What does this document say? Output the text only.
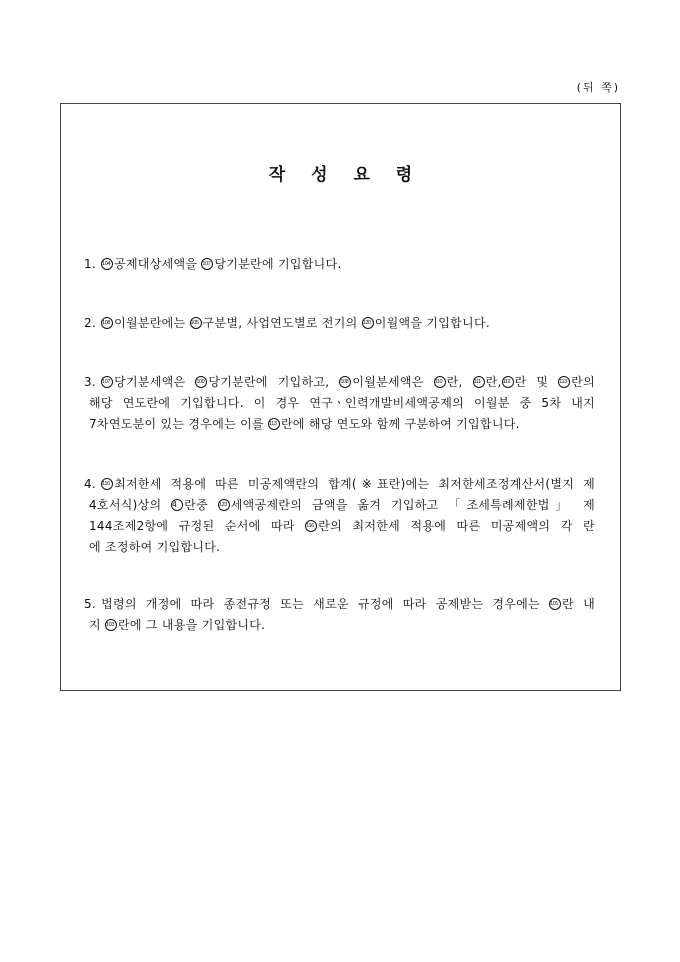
(뒤 쪽)
작 성 요 령
1. 104 공제대상세액을 107 당기분란에 기입합니다.
2. 108 이월분란에는 105 구분별, 사업연도별로 전기의 120 이월액을 기입합니다.
3. 107 당기분세액은 109 당기분란에 기입하고, 108 이월분세액은 110 란, 111 란,112 란 및 113 란의
해당 연도란에 기입합니다. 이 경우 연구ㆍ인력개발비세액공제의 이월분 중 5차 내지
7차연도분이 있는 경우에는 이를 113 란에 해당 연도와 함께 구분하여 기입합니다.
4. 116 최저한세 적용에 따른 미공제액란의 합계(※표란)에는 최저한세조정계산서(별지 제
4호서식)상의 4 란중 123 세액공제란의 금액을 옮겨 기입하고 「조세특례제한법」 제
144조제2항에 규정된 순서에 따라 116 란의 최저한세 적용에 따른 미공제액의 각 란
에 조정하여 기입합니다.
5. 법령의 개정에 따라 종전규정 또는 새로운 규정에 따라 공제받는 경우에는 101 란 내
지 103 란에 그 내용을 기입합니다.
